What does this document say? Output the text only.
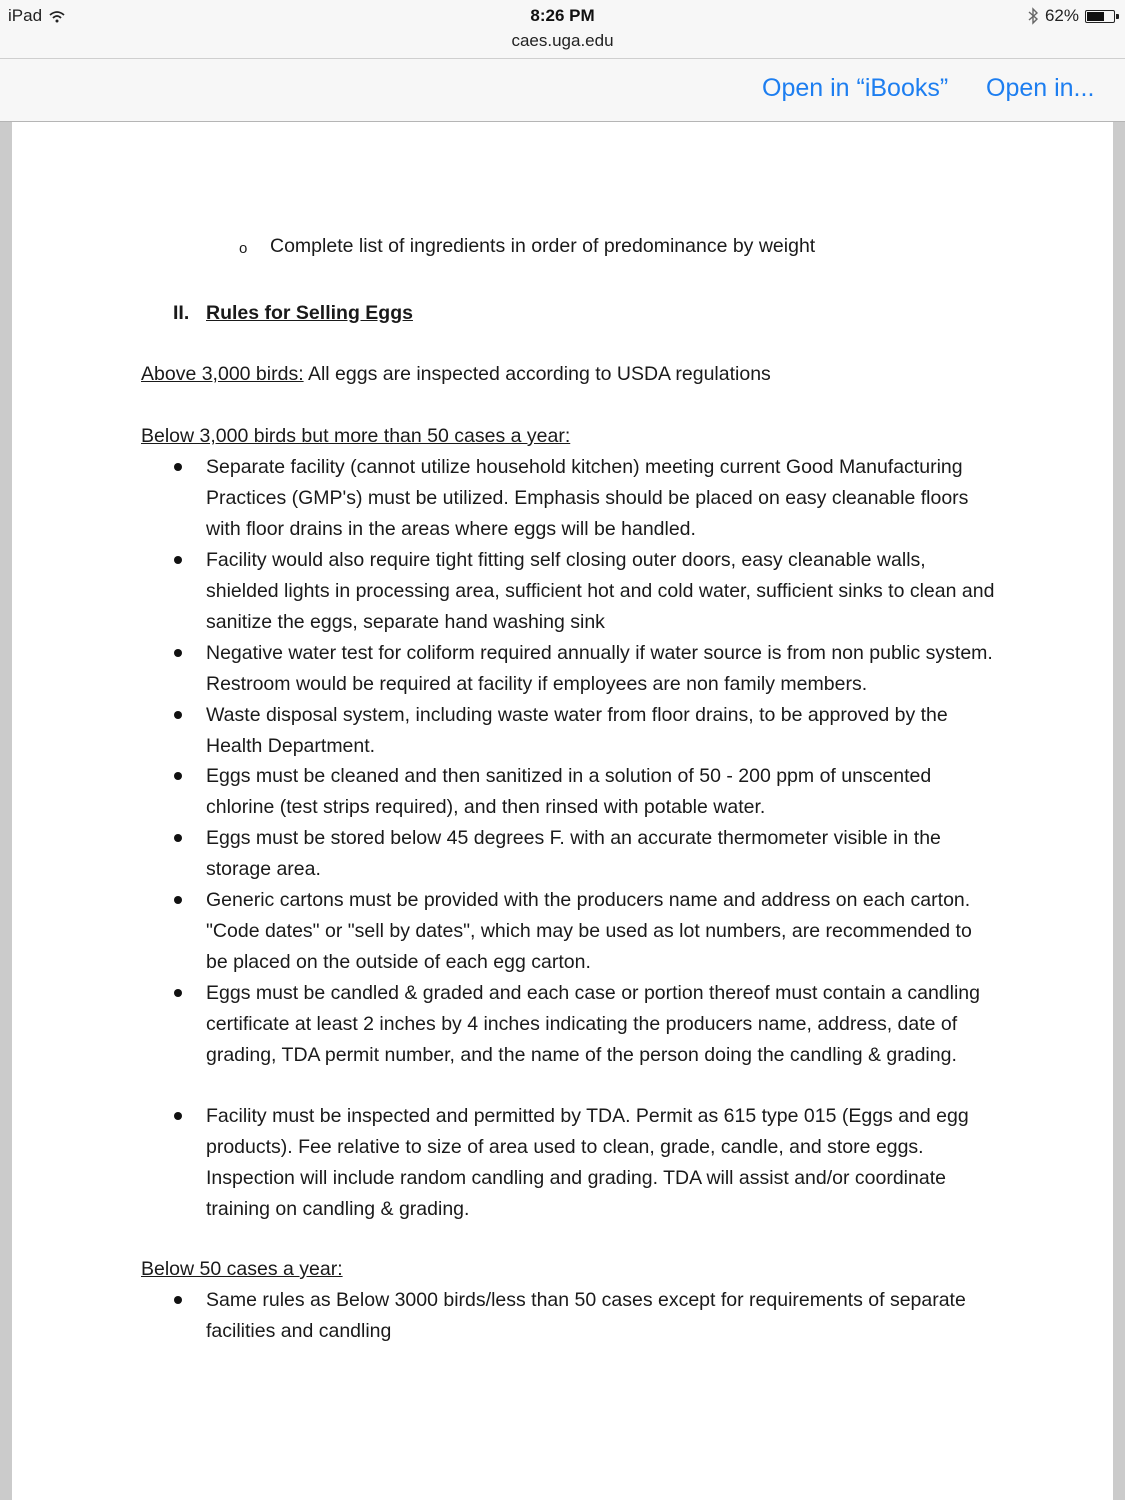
iPad	8:26 PM
caes.uga.edu
62%
Open in “iBooks” Open in...
o Complete list of ingredients in order of predominance by weight
II. Rules for Selling Eggs
Above 3,000 birds: All eggs are inspected according to USDA regulations
Below 3,000 birds but more than 50 cases a year:
Separate facility (cannot utilize household kitchen) meeting current Good Manufacturing Practices (GMP's) must be utilized. Emphasis should be placed on easy cleanable floors with floor drains in the areas where eggs will be handled.
Facility would also require tight fitting self closing outer doors, easy cleanable walls, shielded lights in processing area, sufficient hot and cold water, sufficient sinks to clean and sanitize the eggs, separate hand washing sink
Negative water test for coliform required annually if water source is from non public system. Restroom would be required at facility if employees are non family members.
Waste disposal system, including waste water from floor drains, to be approved by the Health Department.
Eggs must be cleaned and then sanitized in a solution of 50 - 200 ppm of unscented chlorine (test strips required), and then rinsed with potable water.
Eggs must be stored below 45 degrees F. with an accurate thermometer visible in the storage area.
Generic cartons must be provided with the producers name and address on each carton. "Code dates" or "sell by dates", which may be used as lot numbers, are recommended to be placed on the outside of each egg carton.
Eggs must be candled & graded and each case or portion thereof must contain a candling certificate at least 2 inches by 4 inches indicating the producers name, address, date of grading, TDA permit number, and the name of the person doing the candling & grading.
Facility must be inspected and permitted by TDA. Permit as 615 type 015 (Eggs and egg products). Fee relative to size of area used to clean, grade, candle, and store eggs. Inspection will include random candling and grading. TDA will assist and/or coordinate training on candling & grading.
Below 50 cases a year:
Same rules as Below 3000 birds/less than 50 cases except for requirements of separate facilities and candling
